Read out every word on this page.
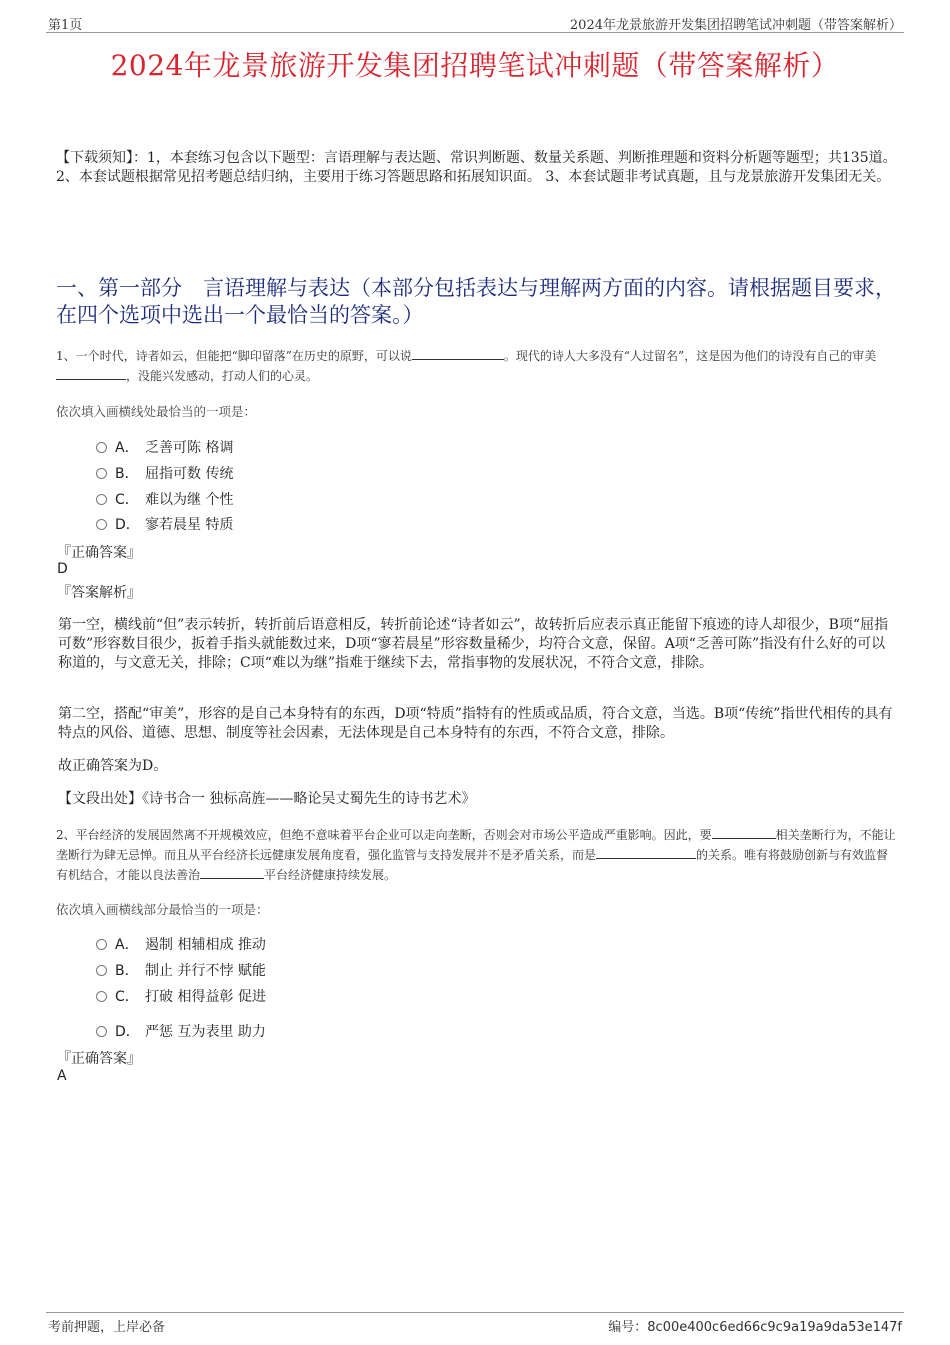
第1页	2024年龙景旅游开发集团招聘笔试冲刺题（带答案解析）
2024年龙景旅游开发集团招聘笔试冲刺题（带答案解析）
【下载须知】：1，本套练习包含以下题型：言语理解与表达题、常识判断题、数量关系题、判断推理题和资料分析题等题型；共135道。 2、本套试题根据常见招考题总结归纳，主要用于练习答题思路和拓展知识面。 3、本套试题非考试真题，且与龙景旅游开发集团无关。
一、第一部分　言语理解与表达（本部分包括表达与理解两方面的内容。请根据题目要求，在四个选项中选出一个最恰当的答案。）
1、一个时代，诗者如云，但能把“脚印留落”在历史的原野，可以说	。现代的诗人大多没有“人过留名”，这是因为他们的诗没有自己的审美，没能兴发感动，打动人们的心灵。
依次填入画横线处最恰当的一项是：
A． 乏善可陈 格调
B． 屈指可数 传统
C． 难以为继 个性
D． 寥若晨星 特质
『正确答案』
D
『答案解析』
第一空，横线前“但”表示转折，转折前后语意相反，转折前论述“诗者如云”，故转折后应表示真正能留下痕迹的诗人却很少，B项“屈指可数”形容数目很少，扳着手指头就能数过来，D项“寥若晨星”形容数量稀少，均符合文意，保留。A项“乏善可陈”指没有什么好的可以称道的，与文意无关，排除；C项“难以为继”指难于继续下去，常指事物的发展状况，不符合文意，排除。
第二空，搭配“审美”，形容的是自己本身特有的东西，D项“特质”指特有的性质或品质，符合文意，当选。B项“传统”指世代相传的具有特点的风俗、道德、思想、制度等社会因素，无法体现是自己本身特有的东西，不符合文意，排除。
故正确答案为D。
【文段出处】《诗书合一 独标高旌——略论吴丈蜀先生的诗书艺术》
2、平台经济的发展固然离不开规模效应，但绝不意味着平台企业可以走向垄断，否则会对市场公平造成严重影响。因此，要	相关垄断行为，不能让垄断行为肆无忌惮。而且从平台经济长远健康发展角度看，强化监管与支持发展并不是矛盾关系，而是	的关系。唯有将鼓励创新与有效监督有机结合，才能以良法善治	平台经济健康持续发展。
依次填入画横线部分最恰当的一项是：
A． 遏制 相辅相成 推动
B． 制止 并行不悖 赋能
C． 打破 相得益彰 促进
D． 严惩 互为表里 助力
『正确答案』
A
考前押题，上岸必备	编号：8c00e400c6ed66c9c9a19a9da53e147f
